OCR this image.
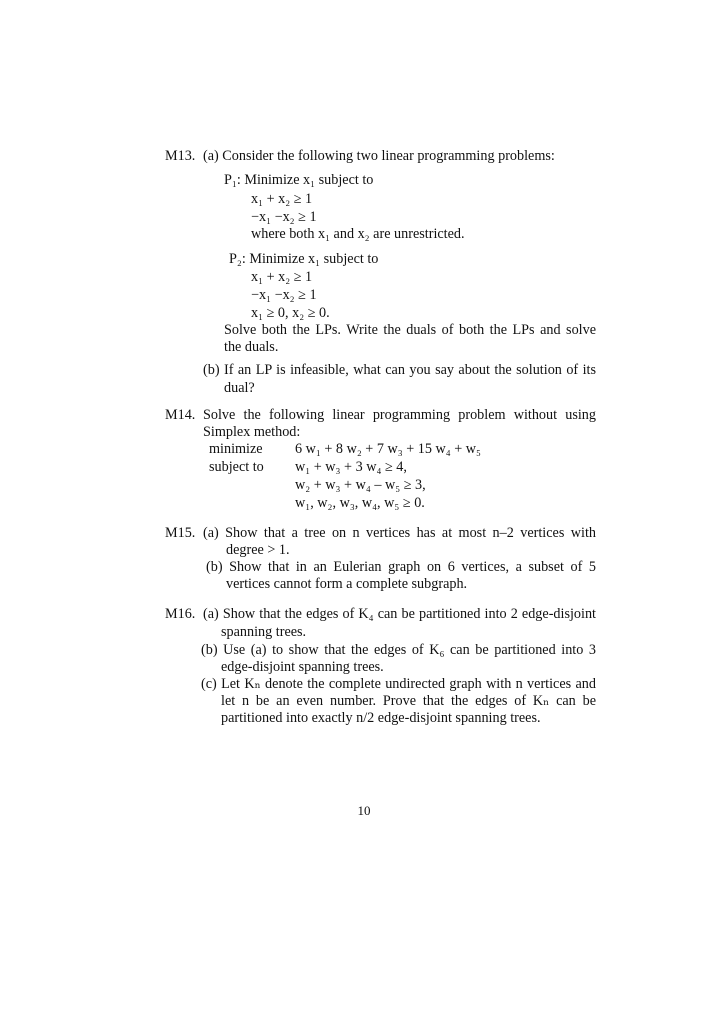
M13. (a) Consider the following two linear programming problems:
P₁: Minimize x₁ subject to
x₁ + x₂ ≥ 1
−x₁ −x₂ ≥ 1
where both x₁ and x₂ are unrestricted.
P₂: Minimize x₁ subject to
x₁ + x₂ ≥ 1
−x₁ −x₂ ≥ 1
x₁ ≥ 0, x₂ ≥ 0.
Solve both the LPs. Write the duals of both the LPs and solve
the duals.
(b) If an LP is infeasible, what can you say about the solution of its
dual?
M14. Solve the following linear programming problem without using
Simplex method:
minimize 6 w₁ + 8 w₂ + 7 w₃ + 15 w₄ + w₅
subject to w₁ + w₃ + 3 w₄ ≥ 4,
w₂ + w₃ + w₄ – w₅ ≥ 3,
w₁, w₂, w₃, w₄, w₅ ≥ 0.
M15. (a) Show that a tree on n vertices has at most n–2 vertices with
degree > 1.
(b) Show that in an Eulerian graph on 6 vertices, a subset of 5
vertices cannot form a complete subgraph.
M16. (a) Show that the edges of K₄ can be partitioned into 2 edge-disjoint
spanning trees.
(b) Use (a) to show that the edges of K₆ can be partitioned into 3
edge-disjoint spanning trees.
(c) Let Kₙ denote the complete undirected graph with n vertices and
let n be an even number. Prove that the edges of Kₙ can be
partitioned into exactly n/2 edge-disjoint spanning trees.
10
